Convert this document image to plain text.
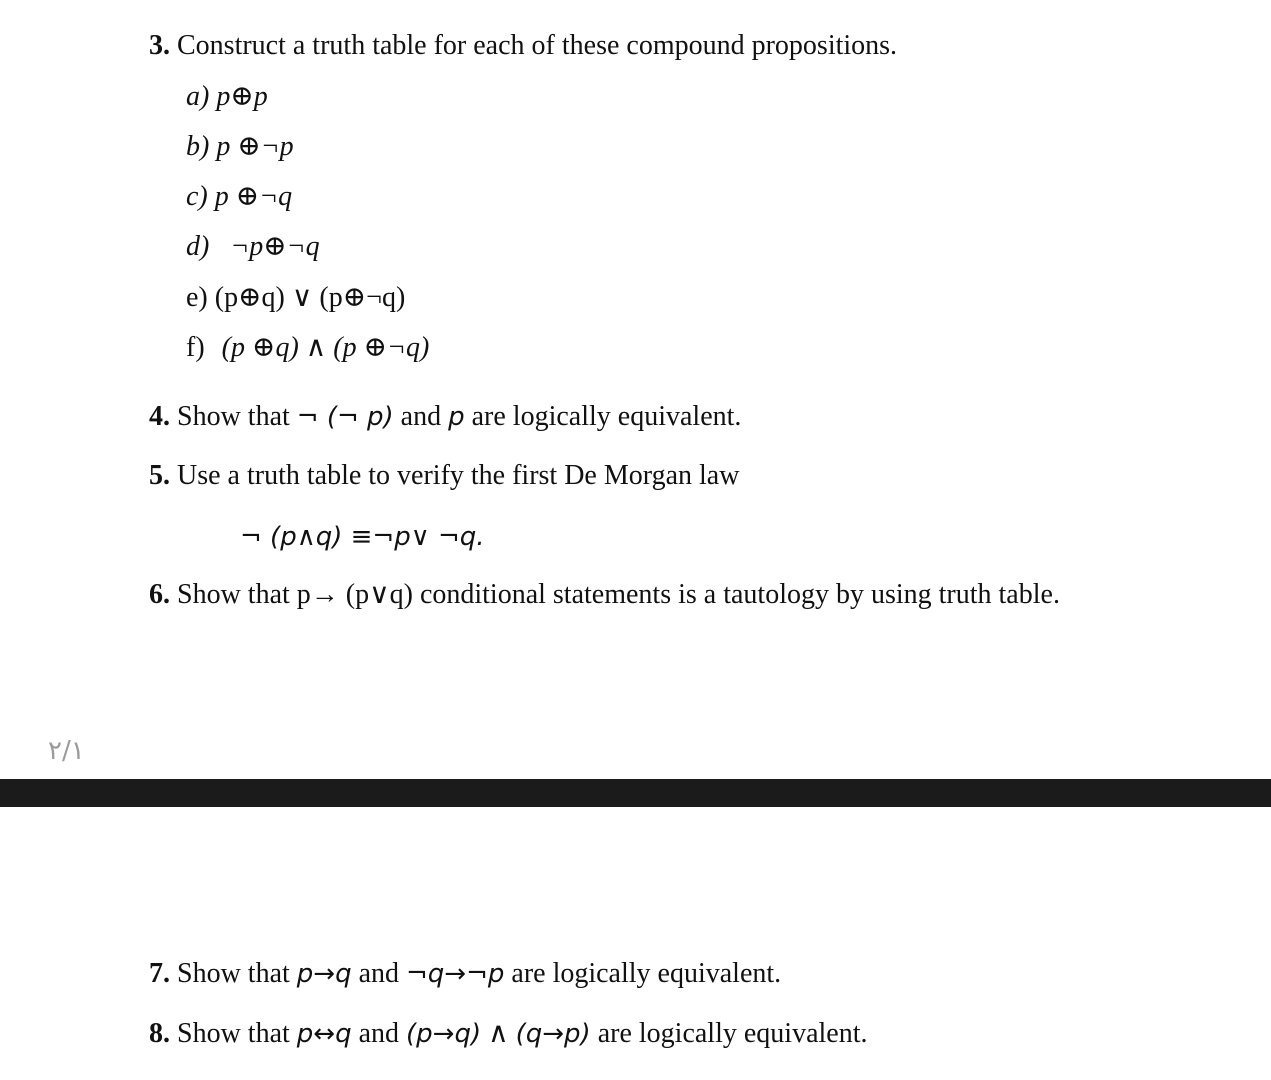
3. Construct a truth table for each of these compound propositions.
a) p⊕p
b) p ⊕¬p
c) p ⊕¬q
d) ¬p⊕¬q
e) (p⊕q) ∨ (p⊕¬q)
f) (p ⊕q) ∧ (p ⊕¬q)
4. Show that ¬ (¬ p) and p are logically equivalent.
5. Use a truth table to verify the first De Morgan law
¬ (p∧q) ≡¬p∨ ¬q.
6. Show that p→ (p∨q) conditional statements is a tautology by using truth table.
٢/١
7. Show that p→q and ¬q→¬p are logically equivalent.
8. Show that p↔q and (p→q) ∧ (q→p) are logically equivalent.
